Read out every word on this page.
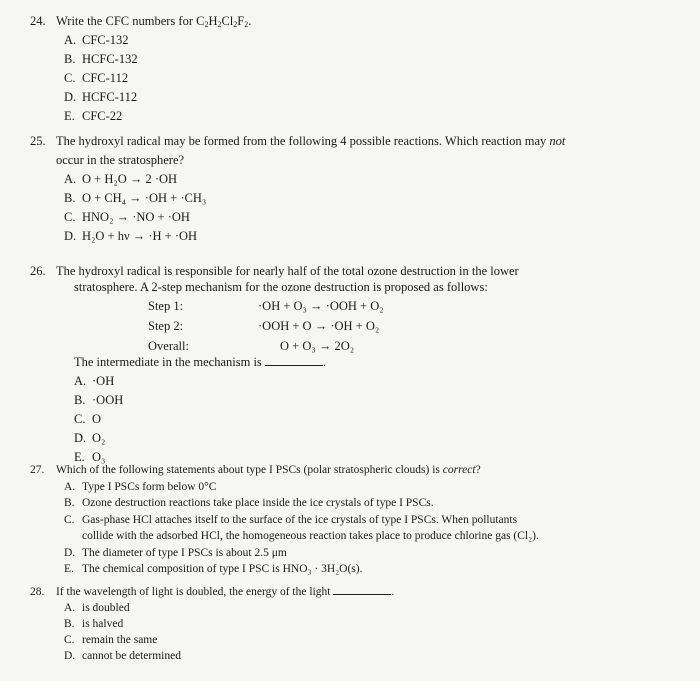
24. Write the CFC numbers for $C_2H_2Cl_2F_2$.
A. CFC-132
B. HCFC-132
C. CFC-112
D. HCFC-112
E. CFC-22
25. The hydroxyl radical may be formed from the following 4 possible reactions. Which reaction may not
occur in the stratosphere?
A. O + H₂O → 2 ·OH
B. O + CH₄ → ·OH + ·CH₃
C. HNO₂ → ·NO + ·OH
D. H₂O + hν → ·H + ·OH
26. The hydroxyl radical is responsible for nearly half of the total ozone destruction in the lower
stratosphere. A 2-step mechanism for the ozone destruction is proposed as follows:
Step 1:	·OH + O₃ → ·OOH + O₂
Step 2:	·OOH + O → ·OH + O₂
Overall:	O + O₃ → 2O₂
The intermediate in the mechanism is	.
A. ·OH
B. ·OOH
C. O
D. O₂
E. O₃
27. Which of the following statements about type I PSCs (polar stratospheric clouds) is correct?
A. Type I PSCs form below 0°C
B. Ozone destruction reactions take place inside the ice crystals of type I PSCs.
C. Gas-phase HCl attaches itself to the surface of the ice crystals of type I PSCs. When pollutants
collide with the adsorbed HCl, the homogeneous reaction takes place to produce chlorine gas (Cl₂).
D. The diameter of type I PSCs is about 2.5 μm
E. The chemical composition of type I PSC is HNO₃ · 3H₂O(s).
28. If the wavelength of light is doubled, the energy of the light	.
A. is doubled
B. is halved
C. remain the same
D. cannot be determined
